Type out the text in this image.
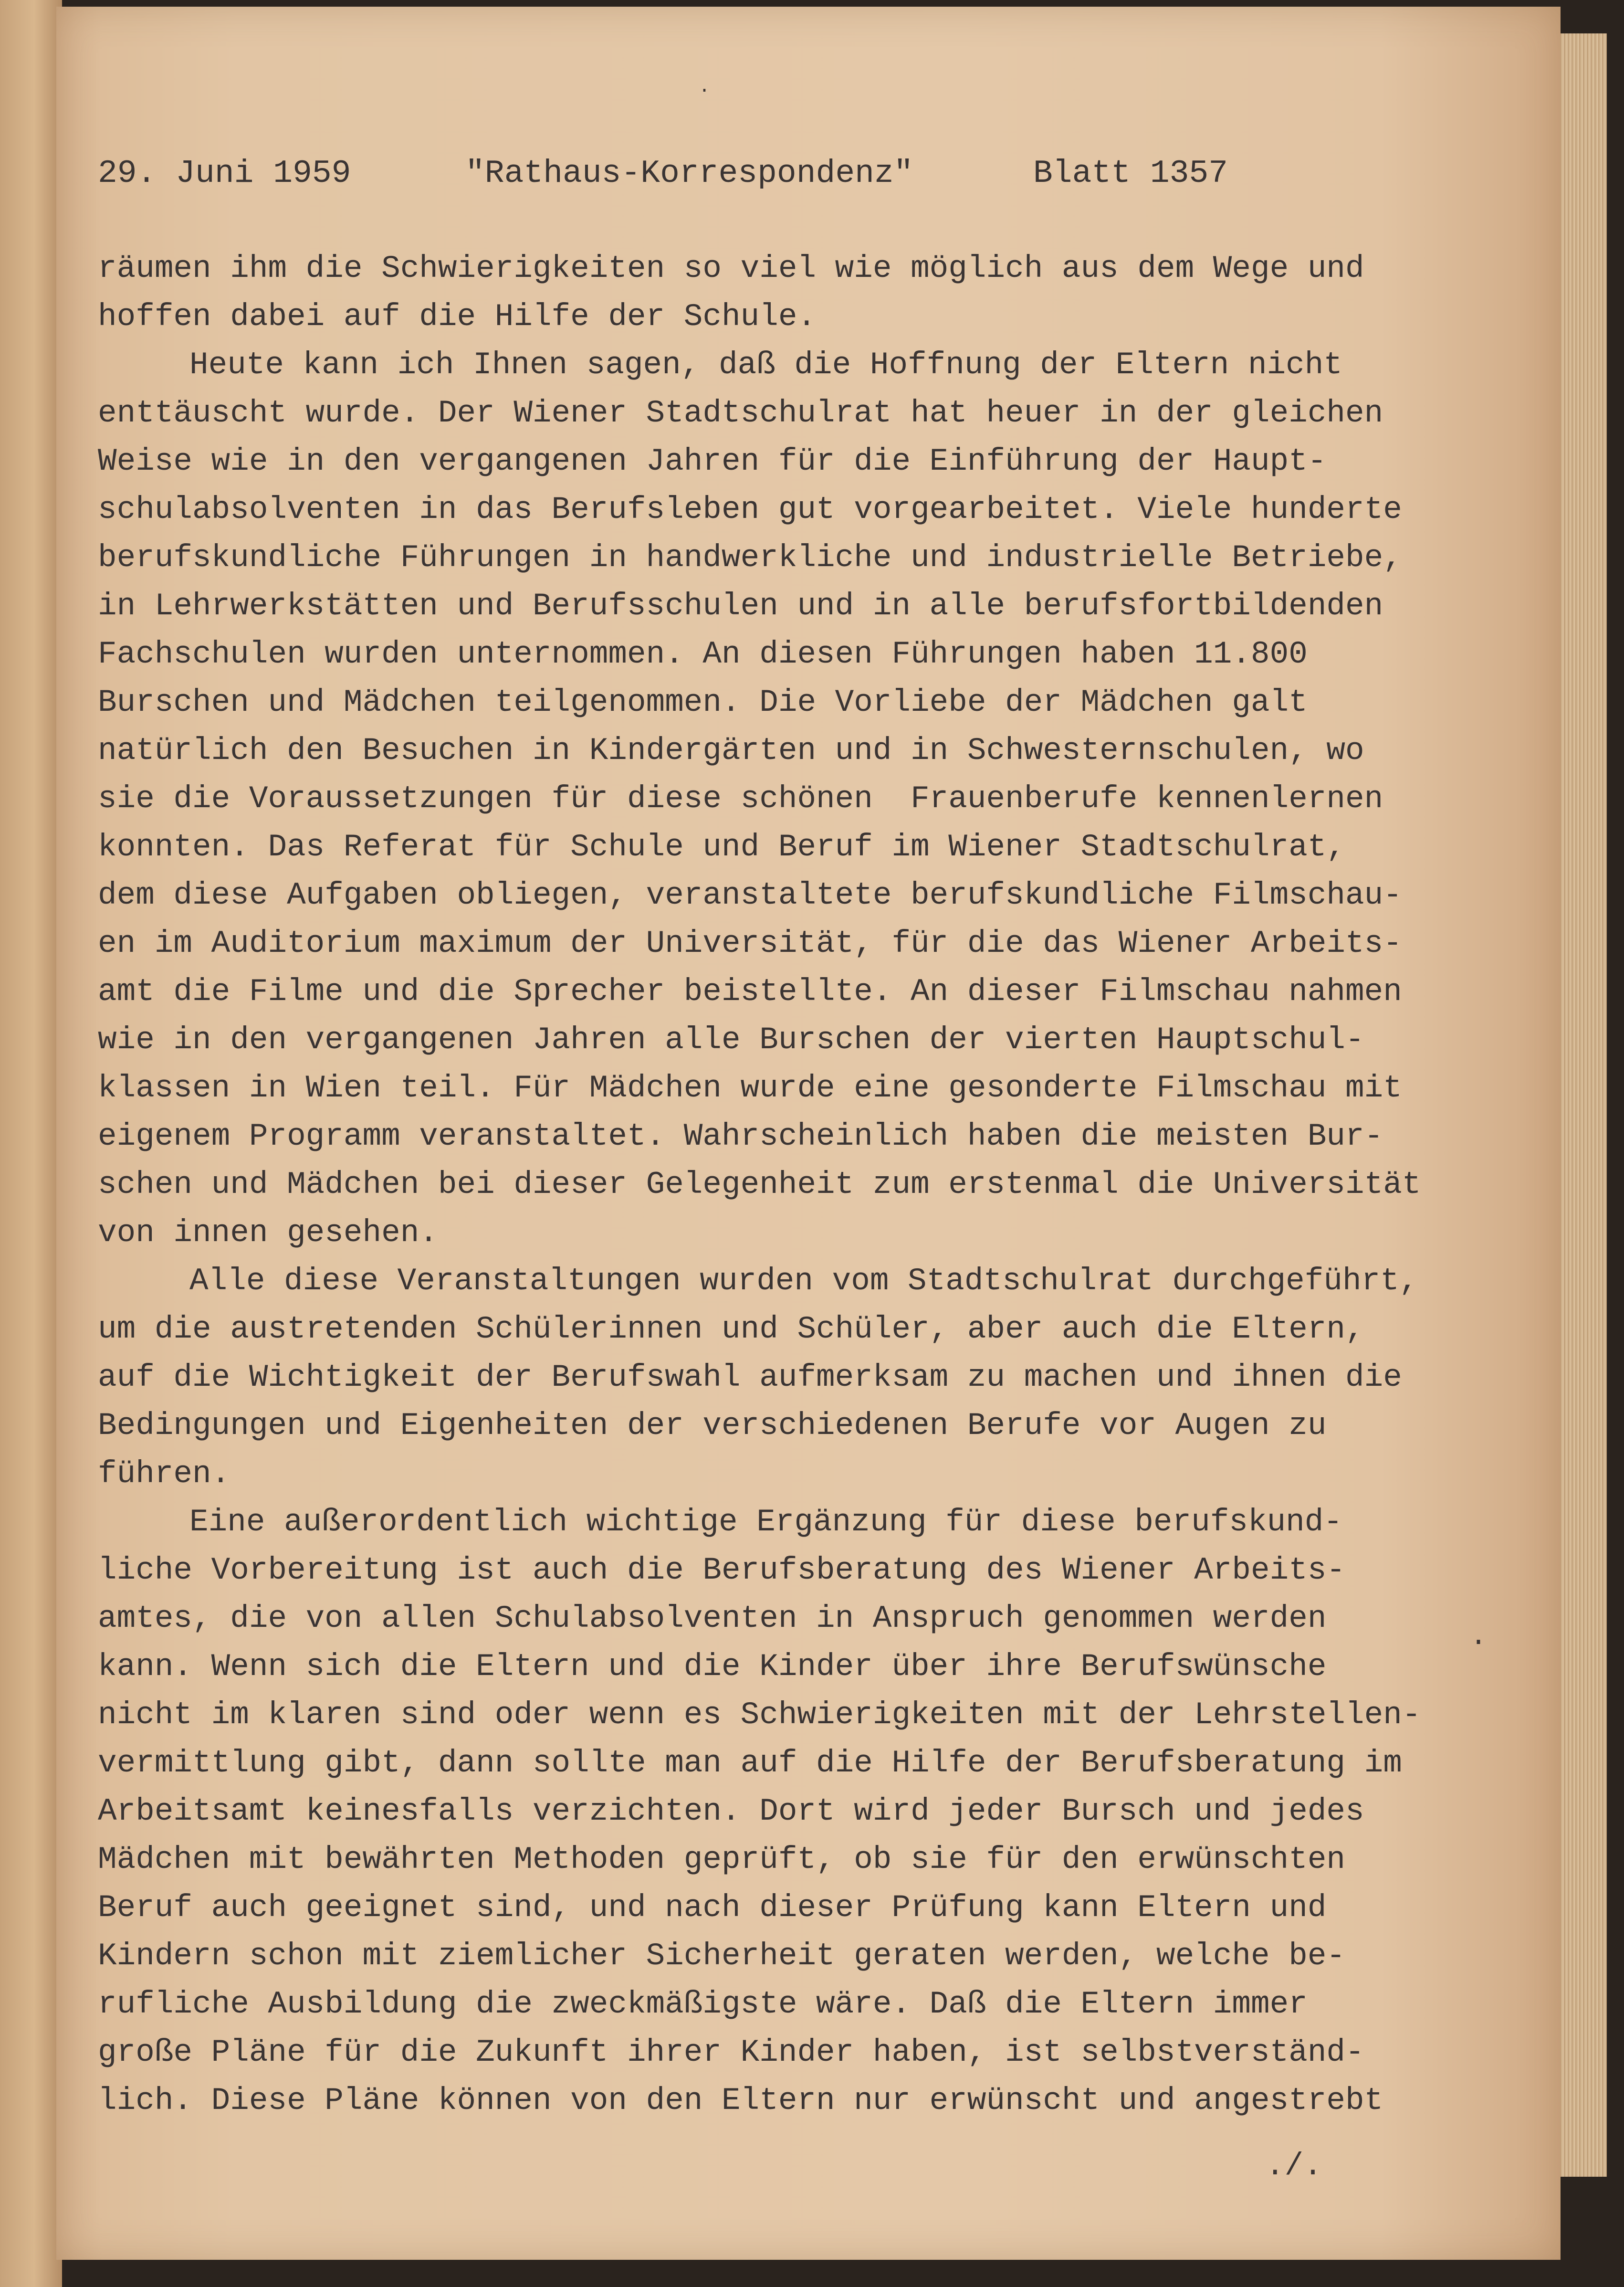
·
29. Juni 1959	"Rathaus-Korrespondenz"	Blatt 1357

räumen ihm die Schwierigkeiten so viel wie möglich aus dem Wege und

hoffen dabei auf die Hilfe der Schule.

Heute kann ich Ihnen sagen, daß die Hoffnung der Eltern nicht

enttäuscht wurde. Der Wiener Stadtschulrat hat heuer in der gleichen

Weise wie in den vergangenen Jahren für die Einführung der Haupt-

schulabsolventen in das Berufsleben gut vorgearbeitet. Viele hunderte

berufskundliche Führungen in handwerkliche und industrielle Betriebe,

in Lehrwerkstätten und Berufsschulen und in alle berufsfortbildenden

Fachschulen wurden unternommen. An diesen Führungen haben 11.800

Burschen und Mädchen teilgenommen. Die Vorliebe der Mädchen galt

natürlich den Besuchen in Kindergärten und in Schwesternschulen, wo

sie die Voraussetzungen für diese schönen  Frauenberufe kennenlernen

konnten. Das Referat für Schule und Beruf im Wiener Stadtschulrat,

dem diese Aufgaben obliegen, veranstaltete berufskundliche Filmschau-

en im Auditorium maximum der Universität, für die das Wiener Arbeits-

amt die Filme und die Sprecher beistellte. An dieser Filmschau nahmen

wie in den vergangenen Jahren alle Burschen der vierten Hauptschul-

klassen in Wien teil. Für Mädchen wurde eine gesonderte Filmschau mit

eigenem Programm veranstaltet. Wahrscheinlich haben die meisten Bur-

schen und Mädchen bei dieser Gelegenheit zum erstenmal die Universität

von innen gesehen.

Alle diese Veranstaltungen wurden vom Stadtschulrat durchgeführt,

um die austretenden Schülerinnen und Schüler, aber auch die Eltern,

auf die Wichtigkeit der Berufswahl aufmerksam zu machen und ihnen die

Bedingungen und Eigenheiten der verschiedenen Berufe vor Augen zu

führen.

Eine außerordentlich wichtige Ergänzung für diese berufskund-

liche Vorbereitung ist auch die Berufsberatung des Wiener Arbeits-

amtes, die von allen Schulabsolventen in Anspruch genommen werden

kann. Wenn sich die Eltern und die Kinder über ihre Berufswünsche

nicht im klaren sind oder wenn es Schwierigkeiten mit der Lehrstellen-

vermittlung gibt, dann sollte man auf die Hilfe der Berufsberatung im

Arbeitsamt keinesfalls verzichten. Dort wird jeder Bursch und jedes

Mädchen mit bewährten Methoden geprüft, ob sie für den erwünschten

Beruf auch geeignet sind, und nach dieser Prüfung kann Eltern und

Kindern schon mit ziemlicher Sicherheit geraten werden, welche be-

rufliche Ausbildung die zweckmäßigste wäre. Daß die Eltern immer

große Pläne für die Zukunft ihrer Kinder haben, ist selbstverständ-

lich. Diese Pläne können von den Eltern nur erwünscht und angestrebt

.
./.
